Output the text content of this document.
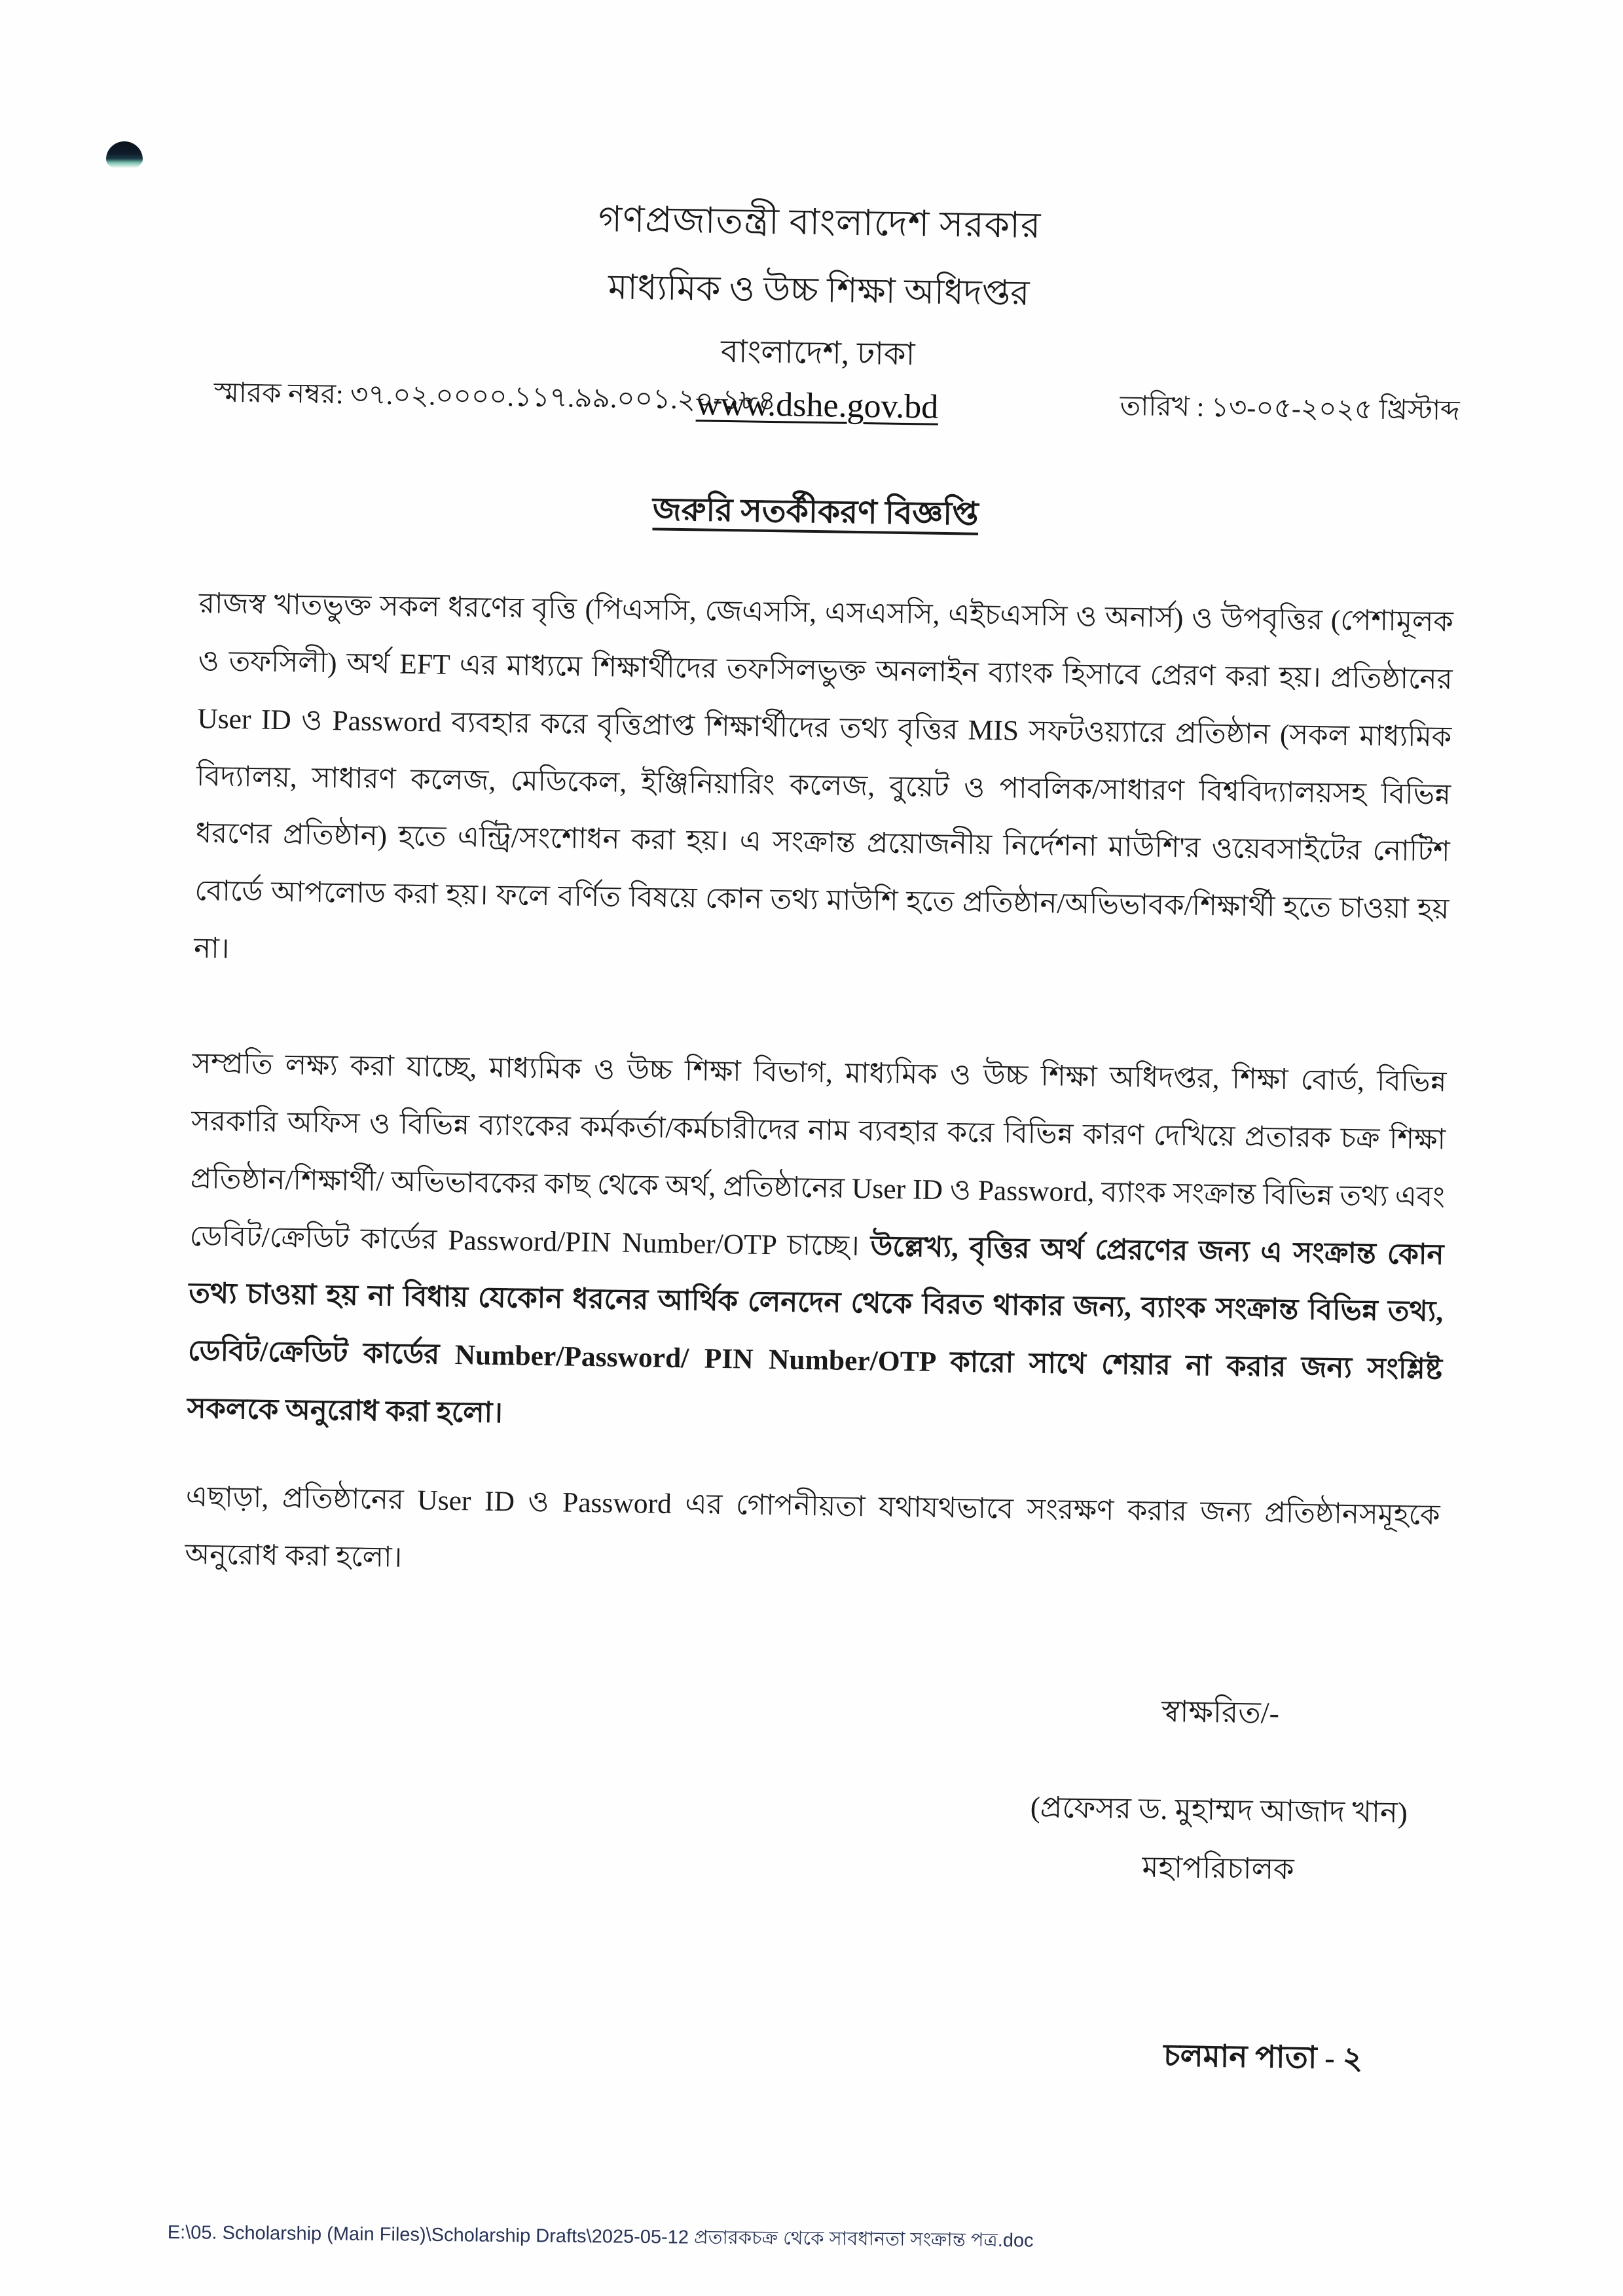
গণপ্রজাতন্ত্রী বাংলাদেশ সরকার
মাধ্যমিক ও উচ্চ শিক্ষা অধিদপ্তর
বাংলাদেশ, ঢাকা
www.dshe.gov.bd
স্মারক নম্বর: ৩৭.০২.০০০০.১১৭.৯৯.০০১.২০-১৮৪	তারিখ : ১৩-০৫-২০২৫ খ্রিস্টাব্দ
জরুরি সতর্কীকরণ বিজ্ঞপ্তি

রাজস্ব খাতভুক্ত সকল ধরণের বৃত্তি (পিএসসি, জেএসসি, এসএসসি, এইচএসসি ও অনার্স) ও উপবৃত্তির (পেশামূলক ও তফসিলী) অর্থ EFT এর মাধ্যমে শিক্ষার্থীদের তফসিলভুক্ত অনলাইন ব্যাংক হিসাবে প্রেরণ করা হয়। প্রতিষ্ঠানের User ID ও Password ব্যবহার করে বৃত্তিপ্রাপ্ত শিক্ষার্থীদের তথ্য বৃত্তির MIS সফটওয়্যারে প্রতিষ্ঠান (সকল মাধ্যমিক বিদ্যালয়, সাধারণ কলেজ, মেডিকেল, ইঞ্জিনিয়ারিং কলেজ, বুয়েট ও পাবলিক/সাধারণ বিশ্ববিদ্যালয়সহ বিভিন্ন ধরণের প্রতিষ্ঠান) হতে এন্ট্রি/সংশোধন করা হয়। এ সংক্রান্ত প্রয়োজনীয় নির্দেশনা মাউশি'র ওয়েবসাইটের নোটিশ বোর্ডে আপলোড করা হয়। ফলে বর্ণিত বিষয়ে কোন তথ্য মাউশি হতে প্রতিষ্ঠান/অভিভাবক/শিক্ষার্থী হতে চাওয়া হয় না।

সম্প্রতি লক্ষ্য করা যাচ্ছে, মাধ্যমিক ও উচ্চ শিক্ষা বিভাগ, মাধ্যমিক ও উচ্চ শিক্ষা অধিদপ্তর, শিক্ষা বোর্ড, বিভিন্ন সরকারি অফিস ও বিভিন্ন ব্যাংকের কর্মকর্তা/কর্মচারীদের নাম ব্যবহার করে বিভিন্ন কারণ দেখিয়ে প্রতারক চক্র শিক্ষা প্রতিষ্ঠান/শিক্ষার্থী/ অভিভাবকের কাছ থেকে অর্থ, প্রতিষ্ঠানের User ID ও Password, ব্যাংক সংক্রান্ত বিভিন্ন তথ্য এবং ডেবিট/ক্রেডিট কার্ডের Password/PIN Number/OTP চাচ্ছে। উল্লেখ্য, বৃত্তির অর্থ প্রেরণের জন্য এ সংক্রান্ত কোন তথ্য চাওয়া হয় না বিধায় যেকোন ধরনের আর্থিক লেনদেন থেকে বিরত থাকার জন্য, ব্যাংক সংক্রান্ত বিভিন্ন তথ্য, ডেবিট/ক্রেডিট কার্ডের Number/Password/ PIN Number/OTP কারো সাথে শেয়ার না করার জন্য সংশ্লিষ্ট সকলকে অনুরোধ করা হলো।

এছাড়া, প্রতিষ্ঠানের User ID ও Password এর গোপনীয়তা যথাযথভাবে সংরক্ষণ করার জন্য প্রতিষ্ঠানসমূহকে অনুরোধ করা হলো।

স্বাক্ষরিত/-
(প্রফেসর ড. মুহাম্মদ আজাদ খান)
মহাপরিচালক
চলমান পাতা - ২
E:\05. Scholarship (Main Files)\Scholarship Drafts\2025-05-12 প্রতারকচক্র থেকে সাবধানতা সংক্রান্ত পত্র.doc
